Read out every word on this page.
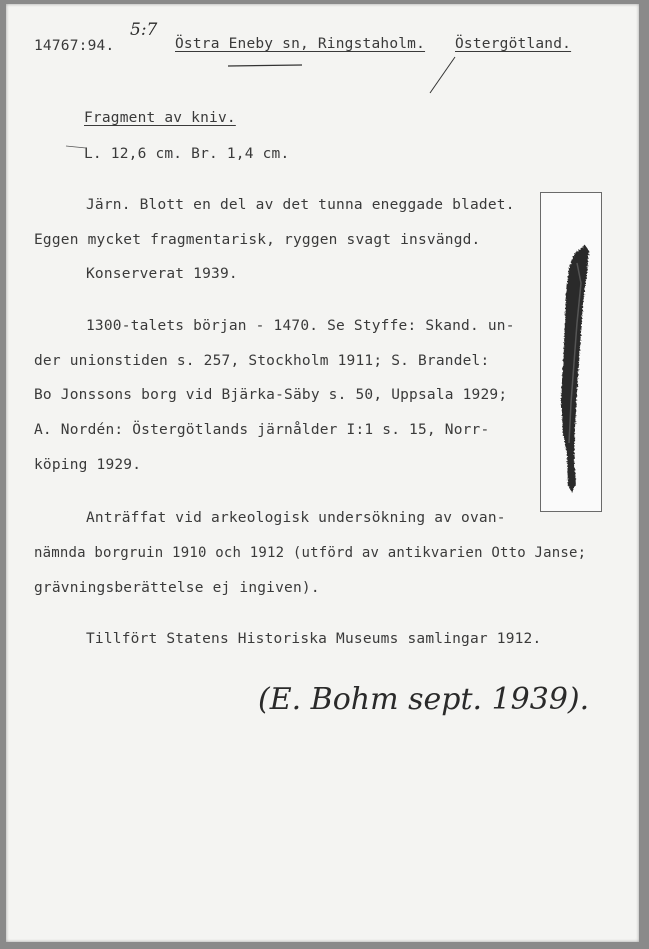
14767:94.
5:7
Östra Eneby sn, Ringstaholm. Östergötland.
Fragment av kniv.
L. 12,6 cm. Br. 1,4 cm.
Järn. Blott en del av det tunna eneggade bladet.
Eggen mycket fragmentarisk, ryggen svagt insvängd.
Konserverat 1939.
1300-talets början - 1470. Se Styffe: Skand. un-
der unionstiden s. 257, Stockholm 1911; S. Brandel:
Bo Jonssons borg vid Bjärka-Säby s. 50, Uppsala 1929;
A. Nordén: Östergötlands järnålder I:1 s. 15, Norr-
köping 1929.
Anträffat vid arkeologisk undersökning av ovan-
nämnda borgruin 1910 och 1912 (utförd av antikvarien Otto Janse;
grävningsberättelse ej ingiven).
Tillfört Statens Historiska Museums samlingar 1912.
(E. Bohm sept. 1939).
